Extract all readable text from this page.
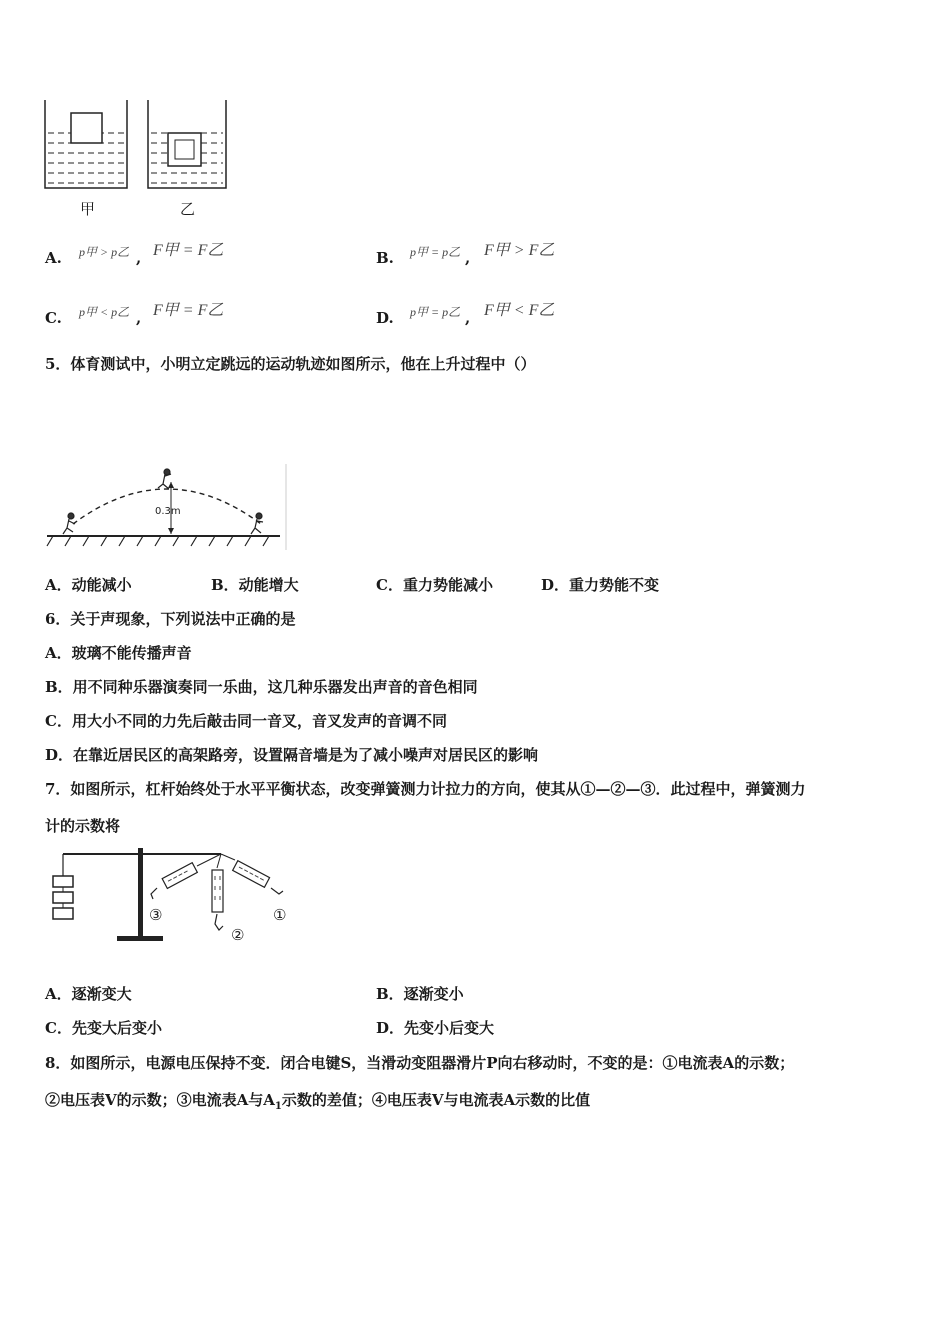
甲	乙
A. p甲 > p乙 , F甲 = F乙	B. p甲 = p乙 , F甲 > F乙
C. p甲 < p乙 , F甲 = F乙	D. p甲 = p乙 , F甲 < F乙
5．体育测试中，小明立定跳远的运动轨迹如图所示，他在上升过程中（）
0.3m
A．动能减小	B．动能增大	C．重力势能减小	D．重力势能不变
6．关于声现象，下列说法中正确的是
A．玻璃不能传播声音
B．用不同种乐器演奏同一乐曲，这几种乐器发出声音的音色相同
C．用大小不同的力先后敲击同一音叉，音叉发声的音调不同
D．在靠近居民区的高架路旁，设置隔音墙是为了减小噪声对居民区的影响
7．如图所示，杠杆始终处于水平平衡状态，改变弹簧测力计拉力的方向，使其从①—②—③．此过程中，弹簧测力
计的示数将
①
②
③
A．逐渐变大	B．逐渐变小
C．先变大后变小	D．先变小后变大
8．如图所示，电源电压保持不变．闭合电键S，当滑动变阻器滑片P向右移动时，不变的是：①电流表A的示数；
②电压表V的示数；③电流表A与$A_1$示数的差值；④电压表V与电流表A示数的比值
